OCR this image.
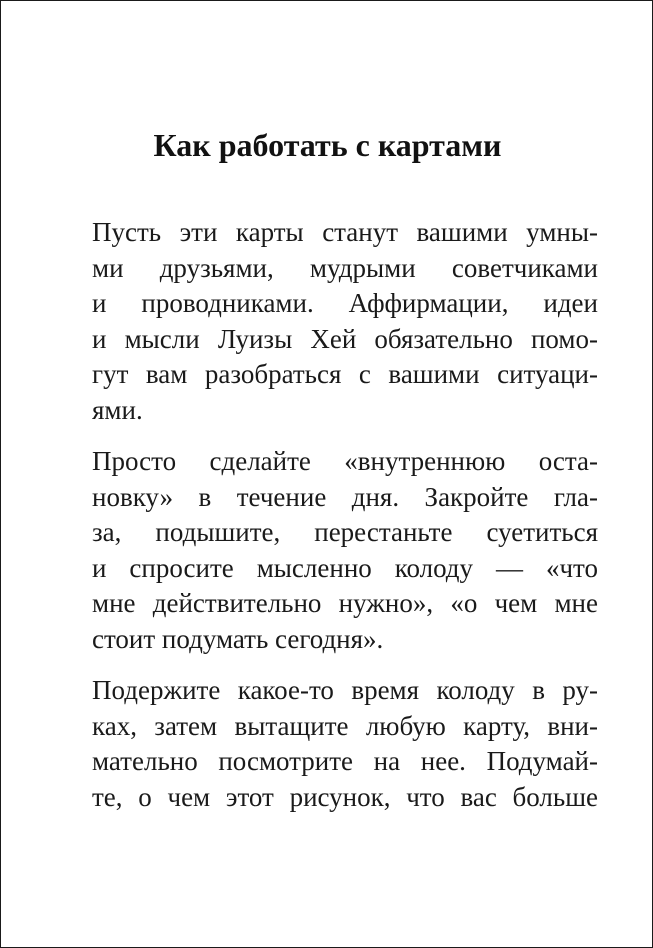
Как работать с картами
Пусть эти карты станут вашими умны-
ми друзьями, мудрыми советчиками
и проводниками. Аффирмации, идеи
и мысли Луизы Хей обязательно помо-
гут вам разобраться с вашими ситуаци-
ями.
Просто сделайте «внутреннюю оста-
новку» в течение дня. Закройте гла-
за, подышите, перестаньте суетиться
и спросите мысленно колоду — «что
мне действительно нужно», «о чем мне
стоит подумать сегодня».
Подержите какое-то время колоду в ру-
ках, затем вытащите любую карту, вни-
мательно посмотрите на нее. Подумай-
те, о чем этот рисунок, что вас больше
